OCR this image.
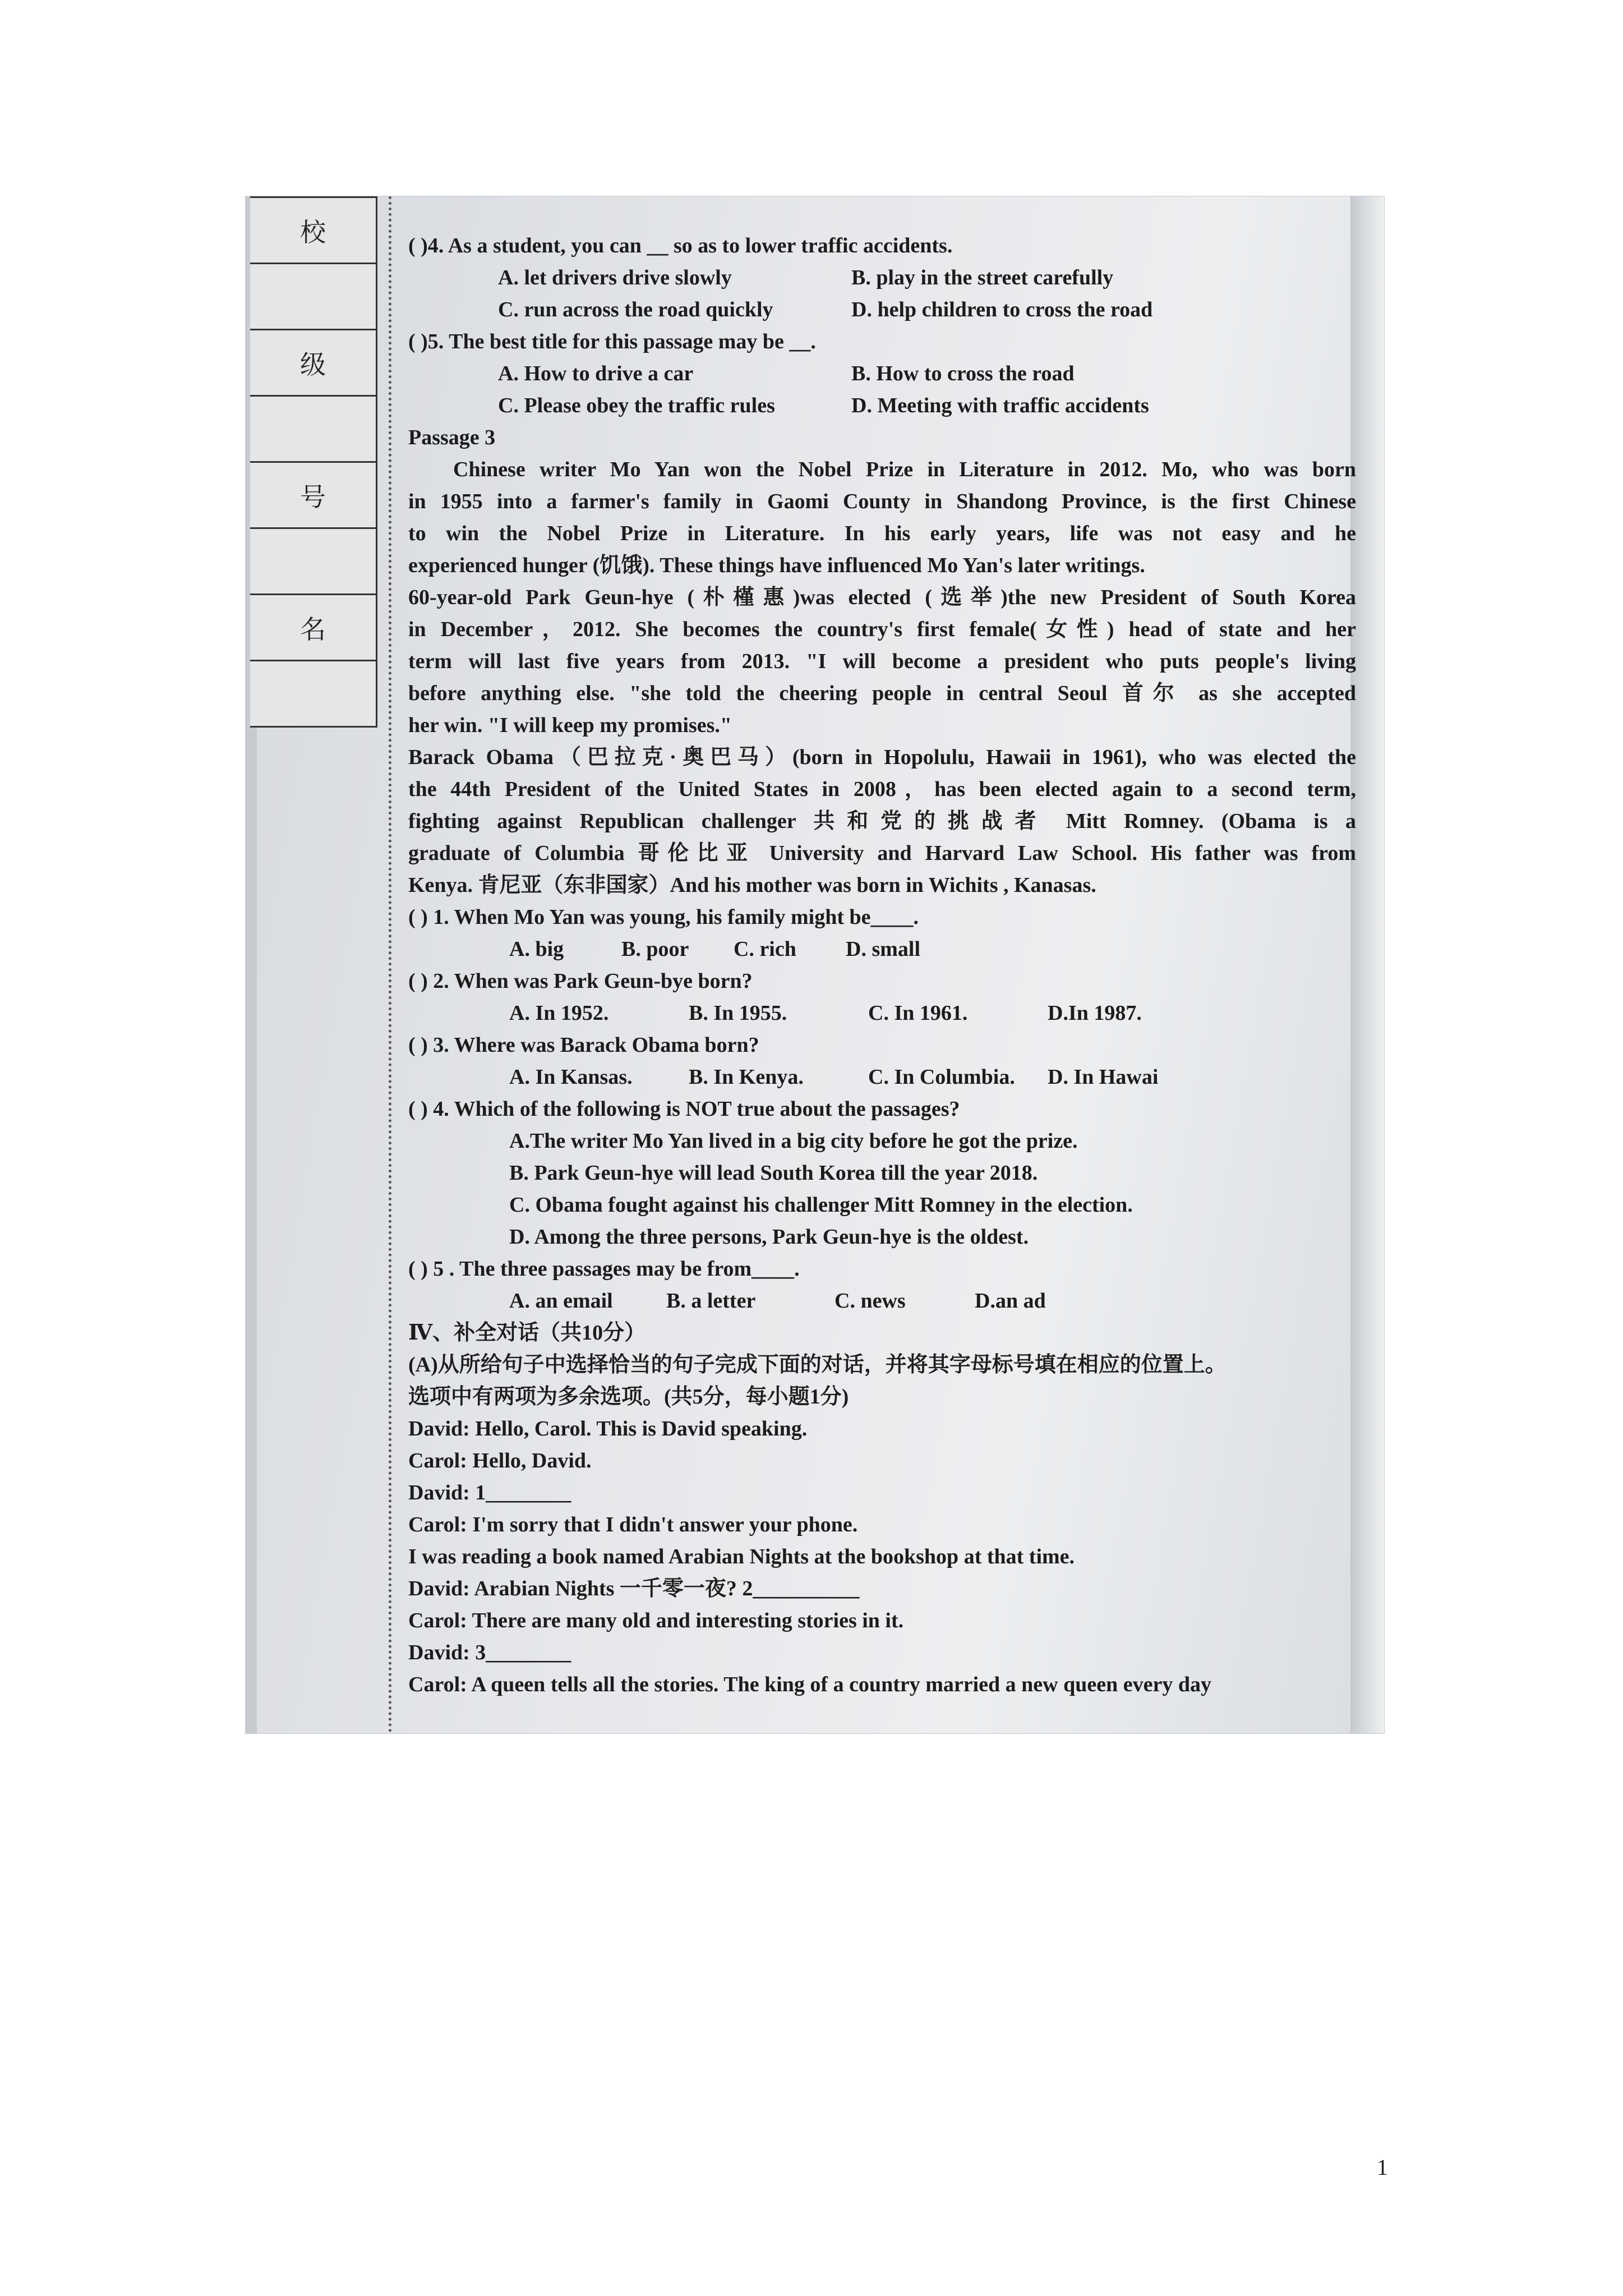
校
级
号
名
( )4. As a student, you can __ so as to lower traffic accidents.
A. let drivers drive slowly	B. play in the street carefully
C. run across the road quickly	D. help children to cross the road
( )5. The best title for this passage may be __.
A. How to drive a car	B. How to cross the road
C. Please obey the traffic rules	D. Meeting with traffic accidents
Passage 3
Chinese writer Mo Yan won the Nobel Prize in Literature in 2012. Mo, who was born
in 1955 into a farmer's family in Gaomi County in Shandong Province, is the first Chinese
to win the Nobel Prize in Literature. In his early years, life was not easy and he
experienced hunger (饥饿). These things have influenced Mo Yan's later writings.
60-year-old Park Geun-hye (朴槿惠)was elected (选举)the new President of South Korea
in December，2012. She becomes the country's first female(女性) head of state and her
term will last five years from 2013. "I will become a president who puts people's living
before anything else. "she told the cheering people in central Seoul 首尔 as she accepted
her win. "I will keep my promises."
Barack Obama（巴拉克·奥巴马）(born in Hopolulu, Hawaii in 1961), who was elected the
the 44th President of the United States in 2008，has been elected again to a second term,
fighting against Republican challenger 共和党的挑战者 Mitt Romney. (Obama is a
graduate of Columbia 哥伦比亚 University and Harvard Law School. His father was from
Kenya. 肯尼亚（东非国家）And his mother was born in Wichits , Kanasas.
( ) 1. When Mo Yan was young, his family might be____.
A. big	B. poor C. rich D. small
( ) 2. When was Park Geun-bye born?
A. In 1952.	B. In 1955.	C. In 1961.	D.In 1987.
( ) 3. Where was Barack Obama born?
A. In Kansas.	B. In Kenya.	C. In Columbia. D. In Hawai
( ) 4. Which of the following is NOT true about the passages?
A.The writer Mo Yan lived in a big city before he got the prize.
B. Park Geun-hye will lead South Korea till the year 2018.
C. Obama fought against his challenger Mitt Romney in the election.
D. Among the three persons, Park Geun-hye is the oldest.
( ) 5 . The three passages may be from____.
A. an email	B. a letter	C. news	D.an ad
Ⅳ、补全对话（共10分）
(A)从所给句子中选择恰当的句子完成下面的对话，并将其字母标号填在相应的位置上。
选项中有两项为多余选项。(共5分，每小题1分)
David: Hello, Carol. This is David speaking.
Carol: Hello, David.
David: 1________
Carol: I'm sorry that I didn't answer your phone.
I was reading a book named Arabian Nights at the bookshop at that time.
David: Arabian Nights 一千零一夜? 2__________
Carol: There are many old and interesting stories in it.
David: 3________
Carol: A queen tells all the stories. The king of a country married a new queen every day
1
